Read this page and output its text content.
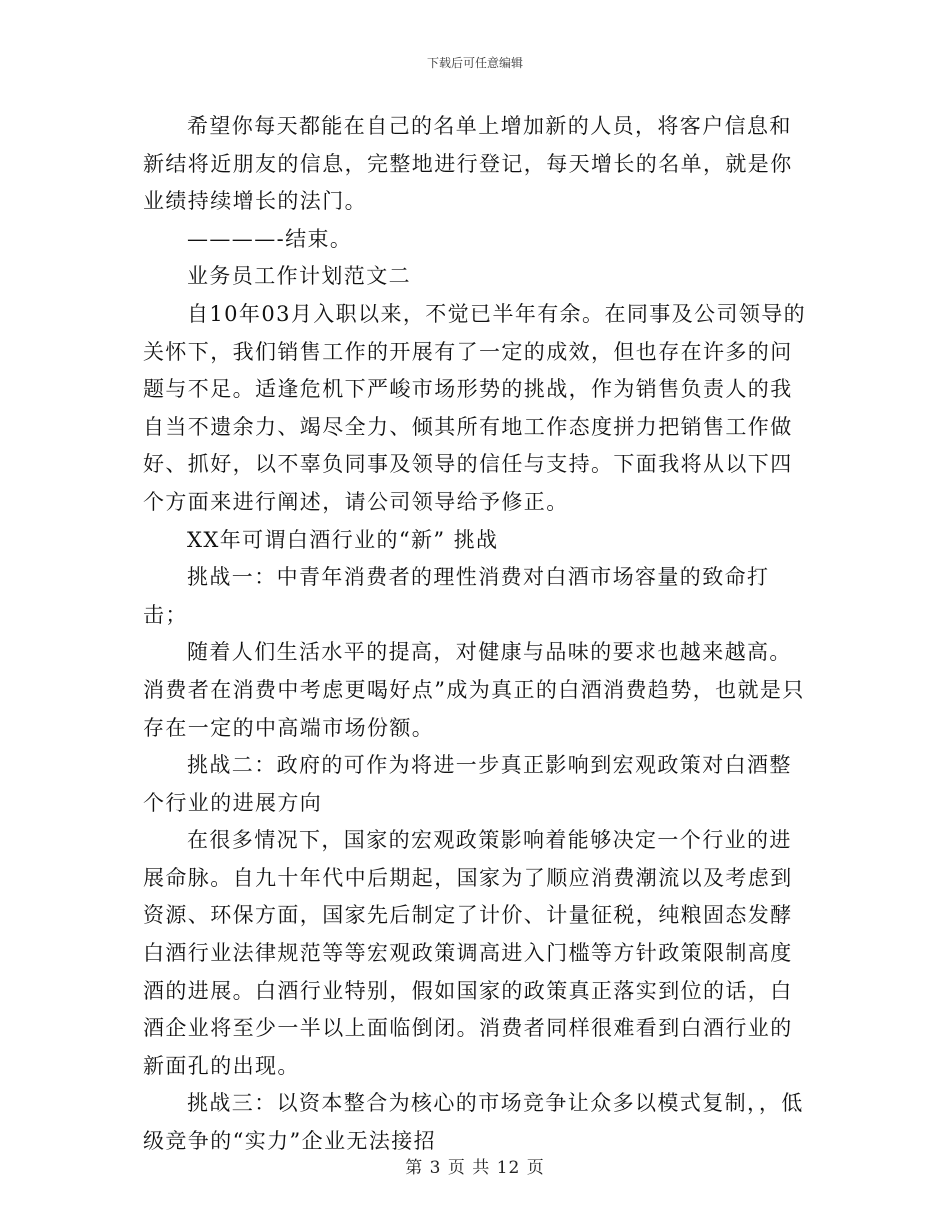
下载后可任意编辑

希望你每天都能在自己的名单上增加新的人员，将客户信息和新结将近朋友的信息，完整地进行登记，每天增长的名单，就是你业绩持续增长的法门。

————-结束。

业务员工作计划范文二

自10年03月入职以来，不觉已半年有余。在同事及公司领导的关怀下，我们销售工作的开展有了一定的成效，但也存在许多的问题与不足。适逢危机下严峻市场形势的挑战，作为销售负责人的我自当不遗余力、竭尽全力、倾其所有地工作态度拼力把销售工作做好、抓好，以不辜负同事及领导的信任与支持。下面我将从以下四个方面来进行阐述，请公司领导给予修正。

XX年可谓白酒行业的“新” 挑战

挑战一：中青年消费者的理性消费对白酒市场容量的致命打击；

随着人们生活水平的提高，对健康与品味的要求也越来越高。消费者在消费中考虑更喝好点”成为真正的白酒消费趋势，也就是只存在一定的中高端市场份额。

挑战二：政府的可作为将进一步真正影响到宏观政策对白酒整个行业的进展方向

在很多情况下，国家的宏观政策影响着能够决定一个行业的进展命脉。自九十年代中后期起，国家为了顺应消费潮流以及考虑到资源、环保方面，国家先后制定了计价、计量征税，纯粮固态发酵白酒行业法律规范等等宏观政策调高进入门槛等方针政策限制高度酒的进展。白酒行业特别，假如国家的政策真正落实到位的话，白酒企业将至少一半以上面临倒闭。消费者同样很难看到白酒行业的新面孔的出现。

挑战三：以资本整合为核心的市场竞争让众多以模式复制，，低级竞争的“实力”企业无法接招

第 3 页 共 12 页
